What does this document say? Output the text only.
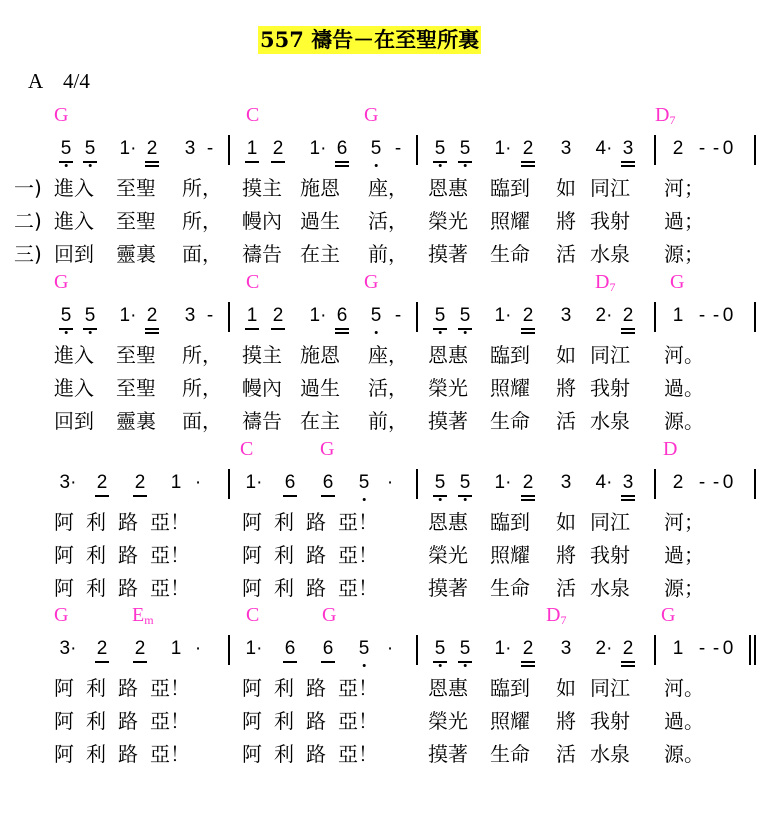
557 禱告－在至聖所裏
A　4/4
G	C	G	$D_7$
5 5 1· 2 3 - 1 2 1· 6 5 - 5 5 1· 2 3 4· 3 2 - - 0
一) 進入 至聖 所， 摸主 施恩 座， 恩惠 臨到 如 同江 河；
二) 進入 至聖 所， 幔內 過生 活， 榮光 照耀 將 我射 過；
三) 回到 靈裏 面， 禱告 在主 前， 摸著 生命 活 水泉 源；
G	C	G	$D_7$	G
5 5 1· 2 3 - 1 2 1· 6 5 - 5 5 1· 2 3 2· 2 1 - - 0
進入 至聖 所， 摸主 施恩 座， 恩惠 臨到 如 同江 河。
進入 至聖 所， 幔內 過生 活， 榮光 照耀 將 我射 過。
回到 靈裏 面， 禱告 在主 前， 摸著 生命 活 水泉 源。
C	G	D
3· 2 2 1 · 1· 6 6 5 · 5 5 1· 2 3 4· 3 2 - - 0
阿 利 路 亞！	阿 利 路 亞！	恩惠 臨到 如 同江 河；
阿 利 路 亞！	阿 利 路 亞！	榮光 照耀 將 我射 過；
阿 利 路 亞！	阿 利 路 亞！	摸著 生命 活 水泉 源；
G	$E_m$	C	G	$D_7$	G
3· 2 2 1 · 1· 6 6 5 · 5 5 1· 2 3 2· 2 1 - - 0
阿 利 路 亞！	阿 利 路 亞！	恩惠 臨到 如 同江 河。
阿 利 路 亞！	阿 利 路 亞！	榮光 照耀 將 我射 過。
阿 利 路 亞！	阿 利 路 亞！	摸著 生命 活 水泉 源。
